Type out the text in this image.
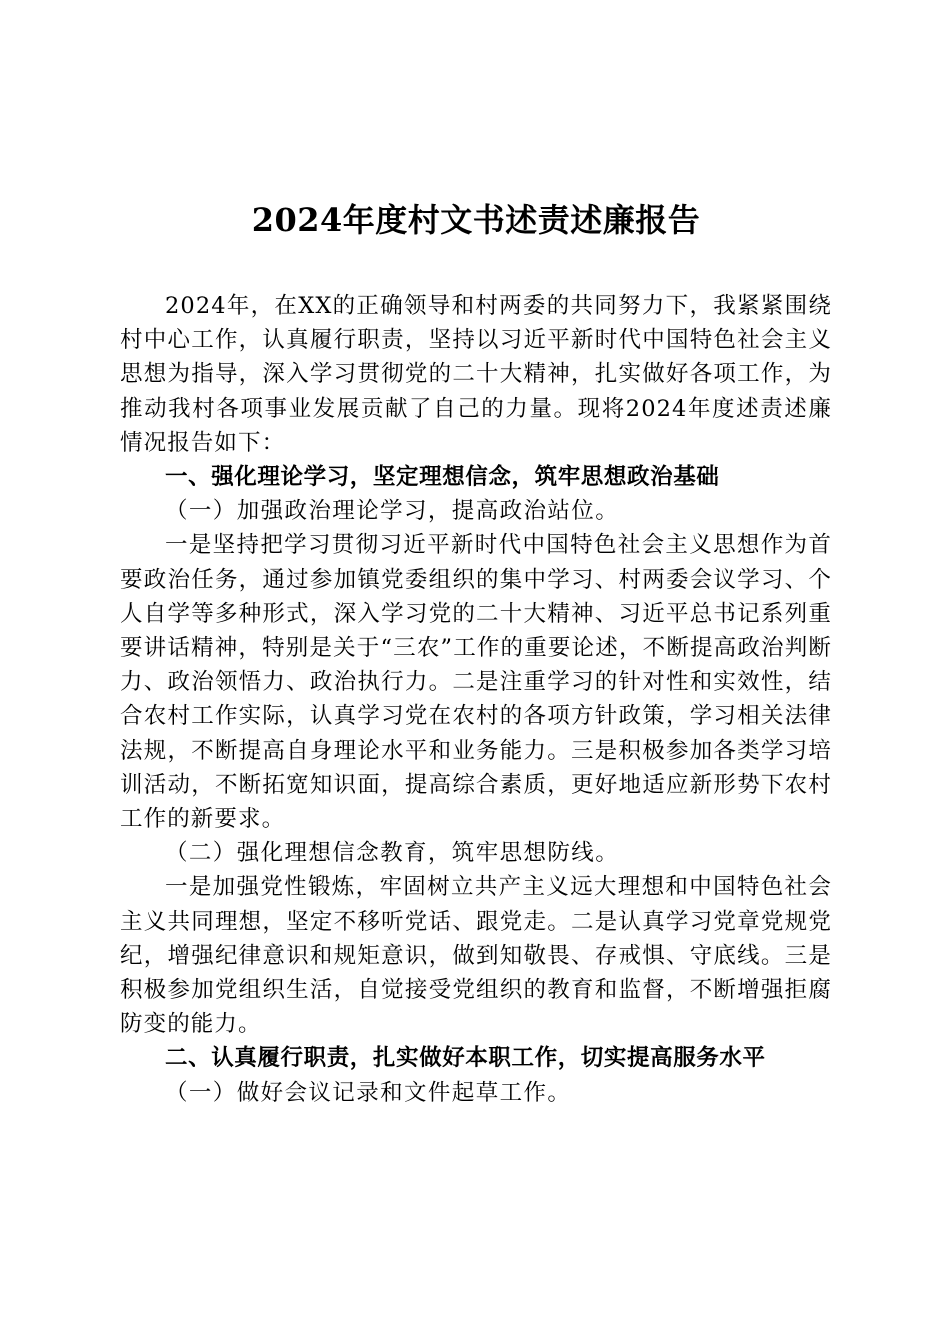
2024年度村文书述责述廉报告

2024年，在XX的正确领导和村两委的共同努力下，我紧紧围绕村中心工作，认真履行职责，坚持以习近平新时代中国特色社会主义思想为指导，深入学习贯彻党的二十大精神，扎实做好各项工作，为推动我村各项事业发展贡献了自己的力量。现将2024年度述责述廉情况报告如下：

一、强化理论学习，坚定理想信念，筑牢思想政治基础

（一）加强政治理论学习，提高政治站位。

一是坚持把学习贯彻习近平新时代中国特色社会主义思想作为首要政治任务，通过参加镇党委组织的集中学习、村两委会议学习、个人自学等多种形式，深入学习党的二十大精神、习近平总书记系列重要讲话精神，特别是关于“三农”工作的重要论述，不断提高政治判断力、政治领悟力、政治执行力。二是注重学习的针对性和实效性，结合农村工作实际，认真学习党在农村的各项方针政策，学习相关法律法规，不断提高自身理论水平和业务能力。三是积极参加各类学习培训活动，不断拓宽知识面，提高综合素质，更好地适应新形势下农村工作的新要求。

（二）强化理想信念教育，筑牢思想防线。

一是加强党性锻炼，牢固树立共产主义远大理想和中国特色社会主义共同理想，坚定不移听党话、跟党走。二是认真学习党章党规党纪，增强纪律意识和规矩意识，做到知敬畏、存戒惧、守底线。三是积极参加党组织生活，自觉接受党组织的教育和监督，不断增强拒腐防变的能力。

二、认真履行职责，扎实做好本职工作，切实提高服务水平

（一）做好会议记录和文件起草工作。
